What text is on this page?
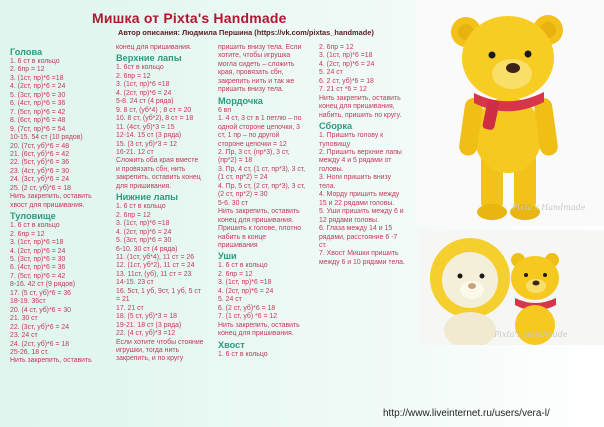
Мишка от Pixta's Handmade
Автор описания: Людмила Першина (https://vk.com/pixtas_handmade)
Голова
1. 6 ст в кольцо
2. 6пр = 12
3. (1ст, пр)*6 =18
4. (2ст, пр)*6 = 24
5. (3ст, пр)*6 = 30
6. (4ст, пр)*6 = 36
7. (5ст, пр)*6 = 42
8. (6ст, пр)*6 = 48
9. (7ст, пр)*6 = 54
10-15. 54 ст (10 рядов)
20. (7ст, уб)*6 = 48
21. (6ст, уб)*6 = 42
22. (5ст, уб)*6 = 36
23. (4ст, уб)*6 = 30
24. (3ст, уб)*6 = 24
25. (2 ст, уб)*6 = 18
Нить закрепить, оставить
хвост для пришивания.
Туловище
1. 6 ст в кольцо
2. 6пр = 12
3. (1ст, пр)*6 =18
4. (2ст, пр)*6 = 24
5. (3ст, пр)*6 = 30
6. (4ст, пр)*6 = 36
7. (5ст, пр)*6 = 42
8-16. 42 ст (9 рядов)
17. (5 ст, уб)*6 = 36
18-19. 36ст
20. (4 ст, уб)*6 = 30
21. 30 ст
22. (3ст, уб)*6 = 24
23. 24 ст
24. (2ст, уб)*6 = 18
25-26. 18 ст.
Нить закрепить, оставить
конец для пришивания.
Верхние лапы
1. 6ст в кольцо
2. 6пр = 12
3. (1ст, пр)*6 =18
4. (2ст, пр)*6 = 24
5-8. 24 ст (4 ряда)
9. 8 ст, (уб*4) , 8 ст = 20
10. 8 ст, (уб*2), 8 ст = 18
11. (4ст, уб)*3 = 15
12-14. 15 ст (3 ряда)
15. (3 ст, уб)*3 = 12
16-21. 12 ст
Сложить оба края вместе
и провязать сбн, нить
закрепить, оставить конец
для пришивания.
Нижние лапы
1. 6 ст в кольцо
2. 6пр = 12
3. (1ст, пр)*6 =18
4. (2ст, пр)*6 = 24
5. (3ст, пр)*6 = 30
6-10. 30 ст (4 ряда)
11. (1ст, уб*4), 11 ст = 26
12. (1ст, уб*2), 11 ст = 24
13. 11ст, (уб), 11 ст = 23
14-15. 23 ст
16. 5ст, 1 уб, 9ст, 1 уб, 5 ст
= 21
17. 21 ст
18. (5 ст, уб)*3 = 18
19-21. 18 ст (3 ряда)
22. (4 ст, уб)*3 =12
Если хотите чтобы стояние
игрушки, тогда нить
закрепить, и по кругу
пришить внизу тела. Если
хотите, чтобы игрушка
могла сидеть – сложить
края, провязать сбн,
закрепить нить и так же
пришить внизу тела.
Мордочка
6 вп
1. 4 ст, 3 ст в 1 петлю – по
одной стороне цепочки, 3
ст, 1 пр – по другой
стороне цепочки = 12
2. Пр, 3 ст, (пр*3), 3 ст,
(пр*2) = 18
3. Пр, 4 ст, (1 ст, пр*3), 3 ст,
(1 ст, пр*2) = 24
4. Пр, 5 ст, (2 ст, пр*3), 3 ст,
(2 ст, пр*2) = 30
5-6. 30 ст
Нить закрепить, оставить
конец для пришивания.
Пришить к голове, плотно
набить в конце
пришивания
Уши
1. 6 ст в кольцо
2. 6пр = 12
3. (1ст, пр)*6 =18
4. (2ст, пр)*6 = 24
5. 24 ст
6. (2 ст, уб)*6 = 18
7. (1 ст, уб) *6 = 12
Нить закрепить, оставить
конец для пришивания.
Хвост
1. 6 ст в кольцо
2. 6пр = 12
3. (1ст, пр)*6 =18
4. (2ст, пр)*6 = 24
5. 24 ст
6. 2 ст, уб)*6 = 18
7. 21 ст *6 = 12
Нить закрепить, оставить
конец для пришивания,
набить, пришить по кругу.
Сборка
1. Пришить голову к
туловищу
2. Пришить верхние лапы
между 4 и 5 рядами от
головы.
3. Ноги пришить внизу
тела.
4. Морду пришить между
15 и 22 рядами головы.
5. Уши пришить между 6 и
12 рядами головы.
6. Глаза между 14 и 15
рядами, расстояние 6 -7
ст.
7. Хвост Мишки пришить
между 6 и 10 рядами тела.
Pixta's Handmade
Pixta's Handmade
http://www.liveinternet.ru/users/vera-l/
